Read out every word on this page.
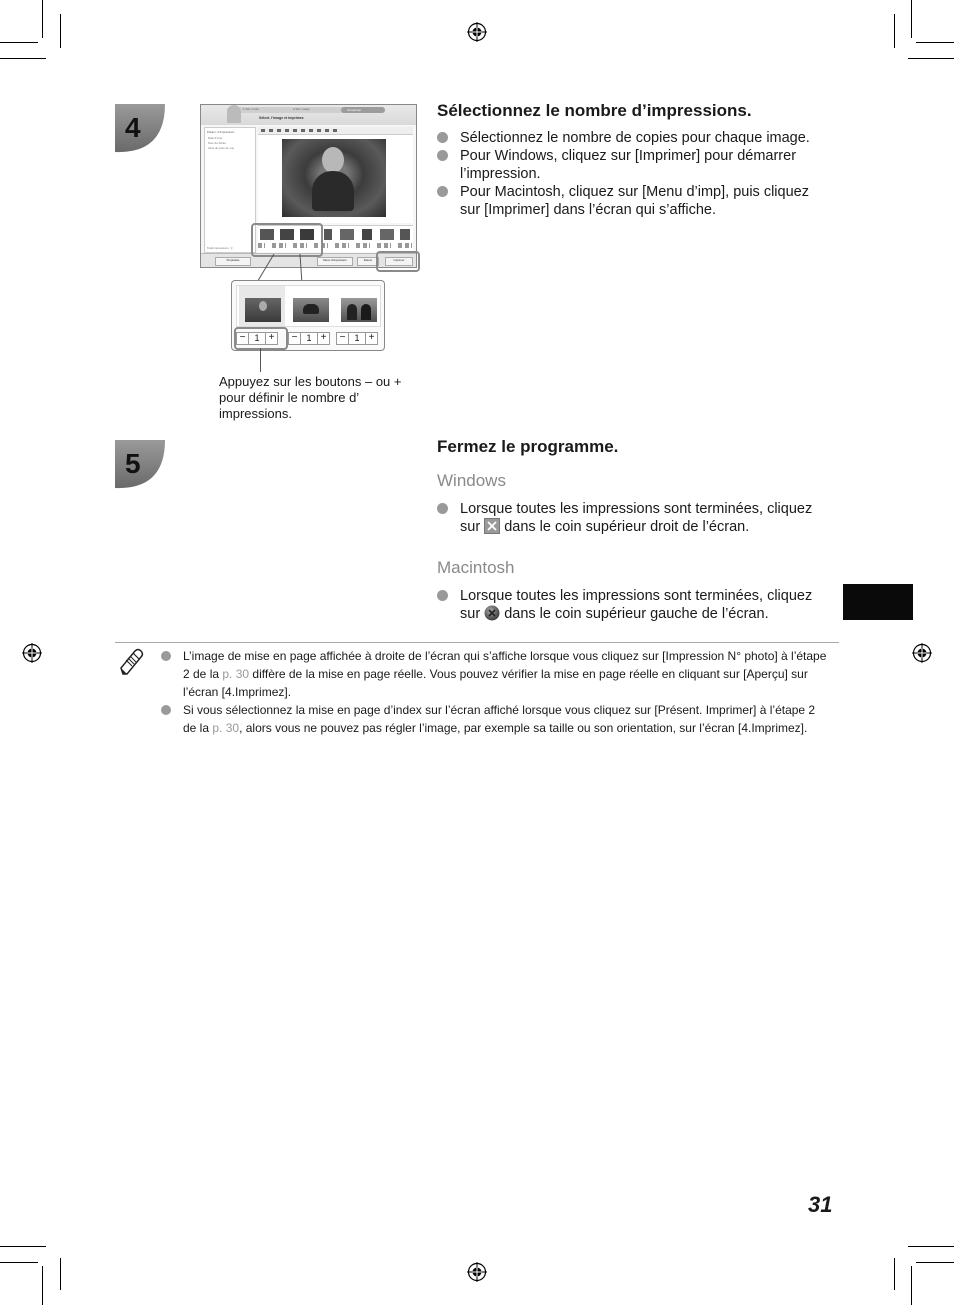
4
1.Sél. mode	2.Sél. image	3.Imprimer
Sélect. l'image et imprimez
Param. d'impression
Date d'impr.
Nom de fichier
Infos de prise de vue
Total impressions : 3
Propriétés	Menu d'impression	Retour	Imprimer
−	1 +	−	1 +	−	1 +
Appuyez sur les boutons – ou + pour définir le nombre d’ impressions.
Sélectionnez le nombre d’impressions.
Sélectionnez le nombre de copies pour chaque image.
Pour Windows, cliquez sur [Imprimer] pour démarrer l’impression.
Pour Macintosh, cliquez sur [Menu d’imp], puis cliquez sur [Imprimer] dans l’écran qui s’affiche.
5
Fermez le programme.
Windows
Lorsque toutes les impressions sont terminées, cliquez sur  dans le coin supérieur droit de l’écran.
Macintosh
Lorsque toutes les impressions sont terminées, cliquez sur  dans le coin supérieur gauche de l’écran.
L’image de mise en page affichée à droite de l’écran qui s’affiche lorsque vous cliquez sur [Impression N° photo] à l’étape 2 de la p. 30 diffère de la mise en page réelle. Vous pouvez vérifier la mise en page réelle en cliquant sur [Aperçu] sur l’écran [4.Imprimez].
Si vous sélectionnez la mise en page d’index sur l’écran affiché lorsque vous cliquez sur [Présent. Imprimer] à l’étape 2 de la p. 30, alors vous ne pouvez pas régler l’image, par exemple sa taille ou son orientation, sur l’écran [4.Imprimez].
31
